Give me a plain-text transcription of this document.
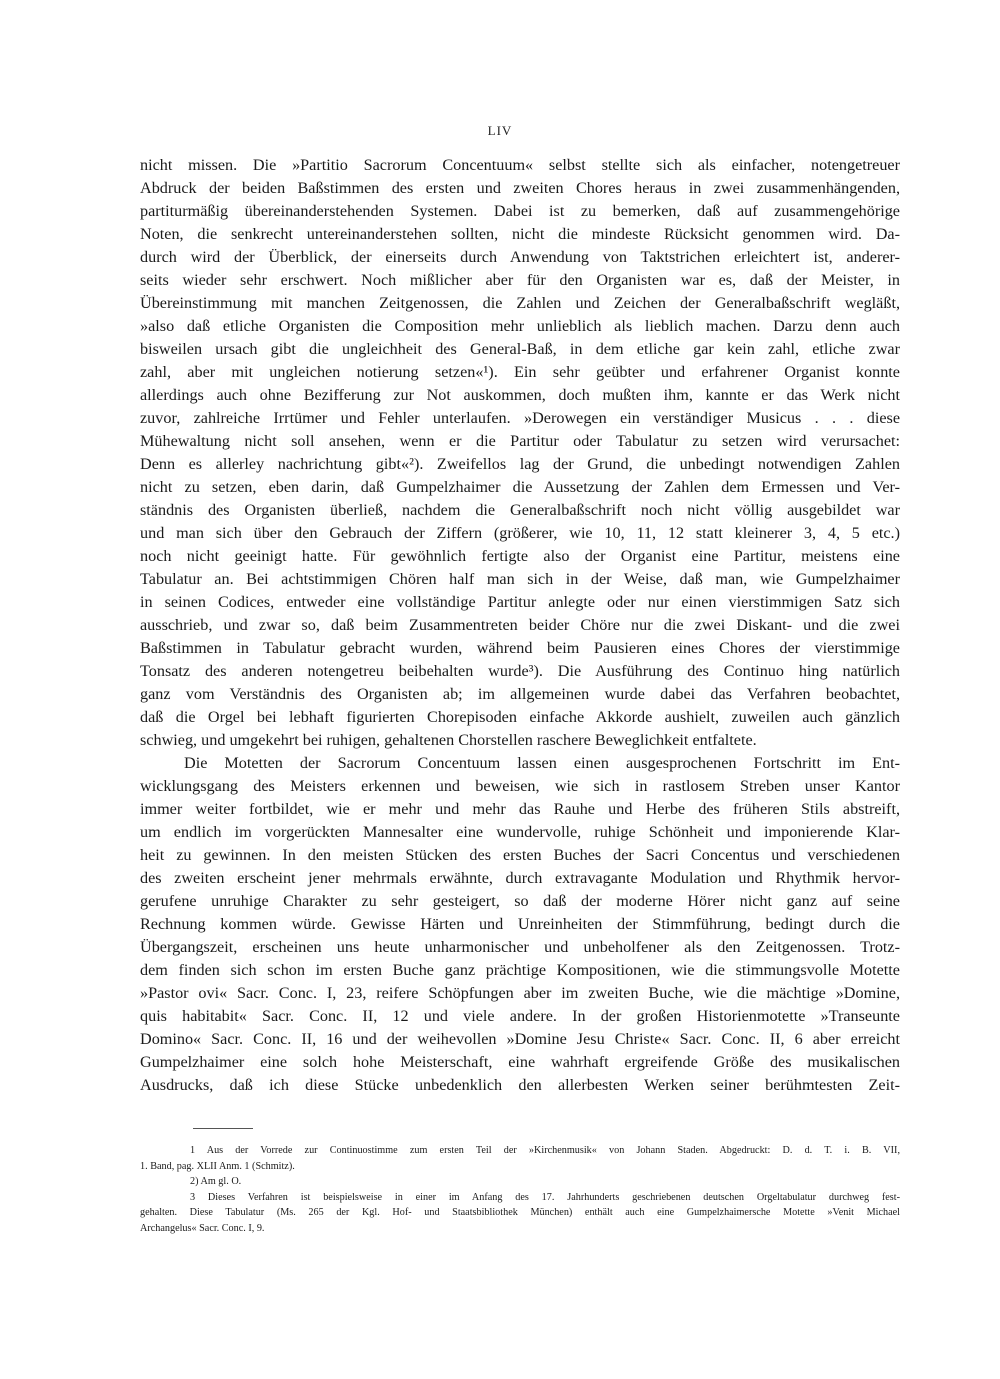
LIV
nicht missen. Die »Partitio Sacrorum Concentuum« selbst stellte sich als einfacher, notengetreuer
Abdruck der beiden Baßstimmen des ersten und zweiten Chores heraus in zwei zusammenhängenden,
partiturmäßig übereinanderstehenden Systemen. Dabei ist zu bemerken, daß auf zusammengehörige
Noten, die senkrecht untereinanderstehen sollten, nicht die mindeste Rücksicht genommen wird. Da-
durch wird der Überblick, der einerseits durch Anwendung von Taktstrichen erleichtert ist, anderer-
seits wieder sehr erschwert. Noch mißlicher aber für den Organisten war es, daß der Meister, in
Übereinstimmung mit manchen Zeitgenossen, die Zahlen und Zeichen der Generalbaßschrift wegläßt,
»also daß etliche Organisten die Composition mehr unlieblich als lieblich machen. Darzu denn auch
bisweilen ursach gibt die ungleichheit des General-Baß, in dem etliche gar kein zahl, etliche zwar
zahl, aber mit ungleichen notierung setzen«¹). Ein sehr geübter und erfahrener Organist konnte
allerdings auch ohne Bezifferung zur Not auskommen, doch mußten ihm, kannte er das Werk nicht
zuvor, zahlreiche Irrtümer und Fehler unterlaufen. »Derowegen ein verständiger Musicus . . . diese
Mühewaltung nicht soll ansehen, wenn er die Partitur oder Tabulatur zu setzen wird verursachet:
Denn es allerley nachrichtung gibt«²). Zweifellos lag der Grund, die unbedingt notwendigen Zahlen
nicht zu setzen, eben darin, daß Gumpelzhaimer die Aussetzung der Zahlen dem Ermessen und Ver-
ständnis des Organisten überließ, nachdem die Generalbaßschrift noch nicht völlig ausgebildet war
und man sich über den Gebrauch der Ziffern (größerer, wie 10, 11, 12 statt kleinerer 3, 4, 5 etc.)
noch nicht geeinigt hatte. Für gewöhnlich fertigte also der Organist eine Partitur, meistens eine
Tabulatur an. Bei achtstimmigen Chören half man sich in der Weise, daß man, wie Gumpelzhaimer
in seinen Codices, entweder eine vollständige Partitur anlegte oder nur einen vierstimmigen Satz sich
ausschrieb, und zwar so, daß beim Zusammentreten beider Chöre nur die zwei Diskant- und die zwei
Baßstimmen in Tabulatur gebracht wurden, während beim Pausieren eines Chores der vierstimmige
Tonsatz des anderen notengetreu beibehalten wurde³). Die Ausführung des Continuo hing natürlich
ganz vom Verständnis des Organisten ab; im allgemeinen wurde dabei das Verfahren beobachtet,
daß die Orgel bei lebhaft figurierten Chorepisoden einfache Akkorde aushielt, zuweilen auch gänzlich
schwieg, und umgekehrt bei ruhigen, gehaltenen Chorstellen raschere Beweglichkeit entfaltete.
Die Motetten der Sacrorum Concentuum lassen einen ausgesprochenen Fortschritt im Ent-
wicklungsgang des Meisters erkennen und beweisen, wie sich in rastlosem Streben unser Kantor
immer weiter fortbildet, wie er mehr und mehr das Rauhe und Herbe des früheren Stils abstreift,
um endlich im vorgerückten Mannesalter eine wundervolle, ruhige Schönheit und imponierende Klar-
heit zu gewinnen. In den meisten Stücken des ersten Buches der Sacri Concentus und verschiedenen
des zweiten erscheint jener mehrmals erwähnte, durch extravagante Modulation und Rhythmik hervor-
gerufene unruhige Charakter zu sehr gesteigert, so daß der moderne Hörer nicht ganz auf seine
Rechnung kommen würde. Gewisse Härten und Unreinheiten der Stimmführung, bedingt durch die
Übergangszeit, erscheinen uns heute unharmonischer und unbeholfener als den Zeitgenossen. Trotz-
dem finden sich schon im ersten Buche ganz prächtige Kompositionen, wie die stimmungsvolle Motette
»Pastor ovi« Sacr. Conc. I, 23, reifere Schöpfungen aber im zweiten Buche, wie die mächtige »Domine,
quis habitabit« Sacr. Conc. II, 12 und viele andere. In der großen Historienmotette »Transeunte
Domino« Sacr. Conc. II, 16 und der weihevollen »Domine Jesu Christe« Sacr. Conc. II, 6 aber erreicht
Gumpelzhaimer eine solch hohe Meisterschaft, eine wahrhaft ergreifende Größe des musikalischen
Ausdrucks, daß ich diese Stücke unbedenklich den allerbesten Werken seiner berühmtesten Zeit-
1 Aus der Vorrede zur Continuostimme zum ersten Teil der »Kirchenmusik« von Johann Staden. Abgedruckt: D. d. T. i. B. VII,
1. Band, pag. XLII Anm. 1 (Schmitz).
2) Am gl. O.
3 Dieses Verfahren ist beispielsweise in einer im Anfang des 17. Jahrhunderts geschriebenen deutschen Orgeltabulatur durchweg fest-
gehalten. Diese Tabulatur (Ms. 265 der Kgl. Hof- und Staatsbibliothek München) enthält auch eine Gumpelzhaimersche Motette »Venit Michael
Archangelus« Sacr. Conc. I, 9.
